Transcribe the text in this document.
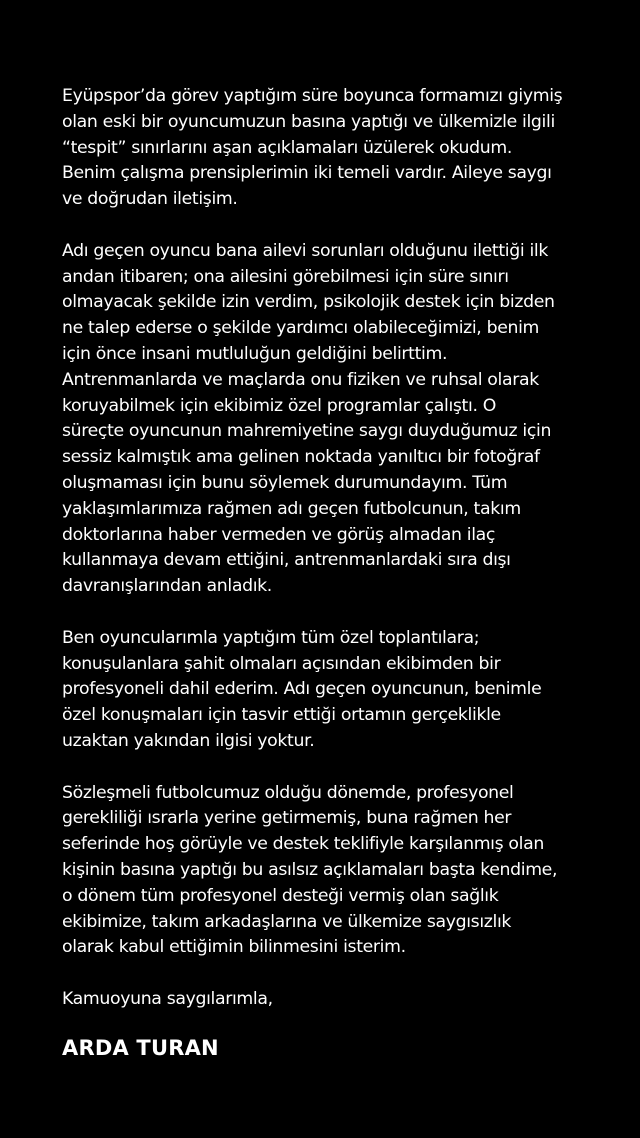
Eyüpspor’da görev yaptığım süre boyunca formamızı giymiş
olan eski bir oyuncumuzun basına yaptığı ve ülkemizle ilgili
“tespit” sınırlarını aşan açıklamaları üzülerek okudum.
Benim çalışma prensiplerimin iki temeli vardır. Aileye saygı
ve doğrudan iletişim.
Adı geçen oyuncu bana ailevi sorunları olduğunu ilettiği ilk
andan itibaren; ona ailesini görebilmesi için süre sınırı
olmayacak şekilde izin verdim, psikolojik destek için bizden
ne talep ederse o şekilde yardımcı olabileceğimizi, benim
için önce insani mutluluğun geldiğini belirttim.
Antrenmanlarda ve maçlarda onu fiziken ve ruhsal olarak
koruyabilmek için ekibimiz özel programlar çalıştı. O
süreçte oyuncunun mahremiyetine saygı duyduğumuz için
sessiz kalmıştık ama gelinen noktada yanıltıcı bir fotoğraf
oluşmaması için bunu söylemek durumundayım. Tüm
yaklaşımlarımıza rağmen adı geçen futbolcunun, takım
doktorlarına haber vermeden ve görüş almadan ilaç
kullanmaya devam ettiğini, antrenmanlardaki sıra dışı
davranışlarından anladık.
Ben oyuncularımla yaptığım tüm özel toplantılara;
konuşulanlara şahit olmaları açısından ekibimden bir
profesyoneli dahil ederim. Adı geçen oyuncunun, benimle
özel konuşmaları için tasvir ettiği ortamın gerçeklikle
uzaktan yakından ilgisi yoktur.
Sözleşmeli futbolcumuz olduğu dönemde, profesyonel
gerekliliği ısrarla yerine getirmemiş, buna rağmen her
seferinde hoş görüyle ve destek teklifiyle karşılanmış olan
kişinin basına yaptığı bu asılsız açıklamaları başta kendime,
o dönem tüm profesyonel desteği vermiş olan sağlık
ekibimize, takım arkadaşlarına ve ülkemize saygısızlık
olarak kabul ettiğimin bilinmesini isterim.
Kamuoyuna saygılarımla,
ARDA TURAN
